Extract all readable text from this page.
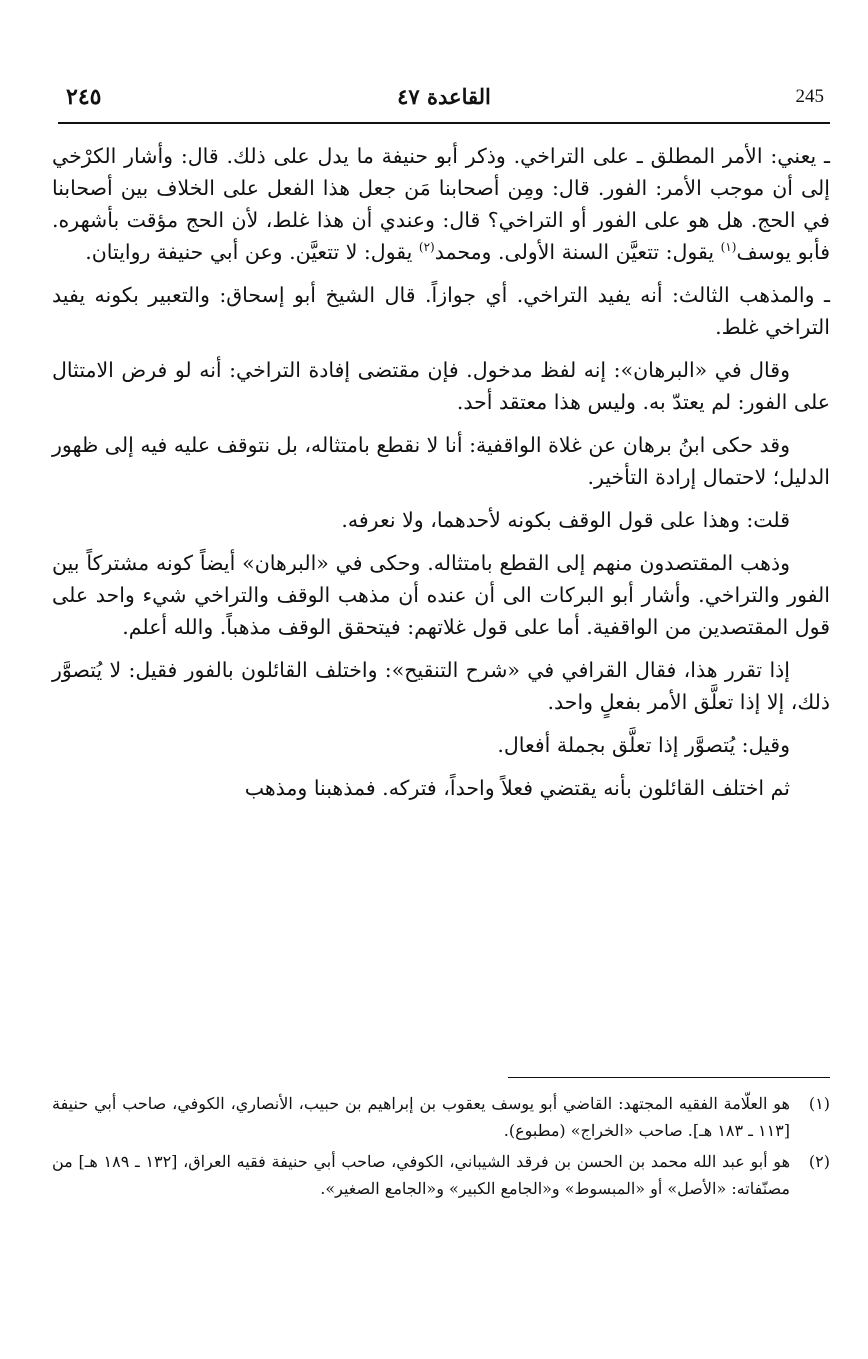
245
القاعدة ٤٧
٢٤٥

ـ يعني: الأمر المطلق ـ على التراخي. وذكر أبو حنيفة ما يدل على ذلك. قال: وأشار الكرْخي إلى أن موجب الأمر: الفور. قال: ومِن أصحابنا مَن جعل هذا الفعل على الخلاف بين أصحابنا في الحج. هل هو على الفور أو التراخي؟ قال: وعندي أن هذا غلط، لأن الحج مؤقت بأشهره. فأبو يوسف$^{(١)}$ يقول: تتعيَّن السنة الأولى. ومحمد$^{(٢)}$ يقول: لا تتعيَّن. وعن أبي حنيفة روايتان.

ـ والمذهب الثالث: أنه يفيد التراخي. أي جوازاً. قال الشيخ أبو إسحاق: والتعبير بكونه يفيد التراخي غلط.

وقال في «البرهان»: إنه لفظ مدخول. فإن مقتضى إفادة التراخي: أنه لو فرض الامتثال على الفور: لم يعتدّ به. وليس هذا معتقد أحد.

وقد حكى ابنُ برهان عن غلاة الواقفية: أنا لا نقطع بامتثاله، بل نتوقف عليه فيه إلى ظهور الدليل؛ لاحتمال إرادة التأخير.

قلت: وهذا على قول الوقف بكونه لأحدهما، ولا نعرفه.

وذهب المقتصدون منهم إلى القطع بامتثاله. وحكى في «البرهان» أيضاً كونه مشتركاً بين الفور والتراخي. وأشار أبو البركات الى أن عنده أن مذهب الوقف والتراخي شيء واحد على قول المقتصدين من الواقفية. أما على قول غلاتهم: فيتحقق الوقف مذهباً. والله أعلم.

إذا تقرر هذا، فقال القرافي في «شرح التنقيح»: واختلف القائلون بالفور فقيل: لا يُتصوَّر ذلك، إلا إذا تعلَّق الأمر بفعلٍ واحد.

وقيل: يُتصوَّر إذا تعلَّق بجملة أفعال.

ثم اختلف القائلون بأنه يقتضي فعلاً واحداً، فتركه. فمذهبنا ومذهب

(١)
هو العلّامة الفقيه المجتهد: القاضي أبو يوسف يعقوب بن إبراهيم بن حبيب، الأنصاري، الكوفي، صاحب أبي حنيفة [١١٣ ـ ١٨٣ هـ]. صاحب «الخراج» (مطبوع).
(٢)
هو أبو عبد الله محمد بن الحسن بن فرقد الشيباني، الكوفي، صاحب أبي حنيفة فقيه العراق، [١٣٢ ـ ١٨٩ هـ] من مصنّفاته: «الأصل» أو «المبسوط» و«الجامع الكبير» و«الجامع الصغير».
